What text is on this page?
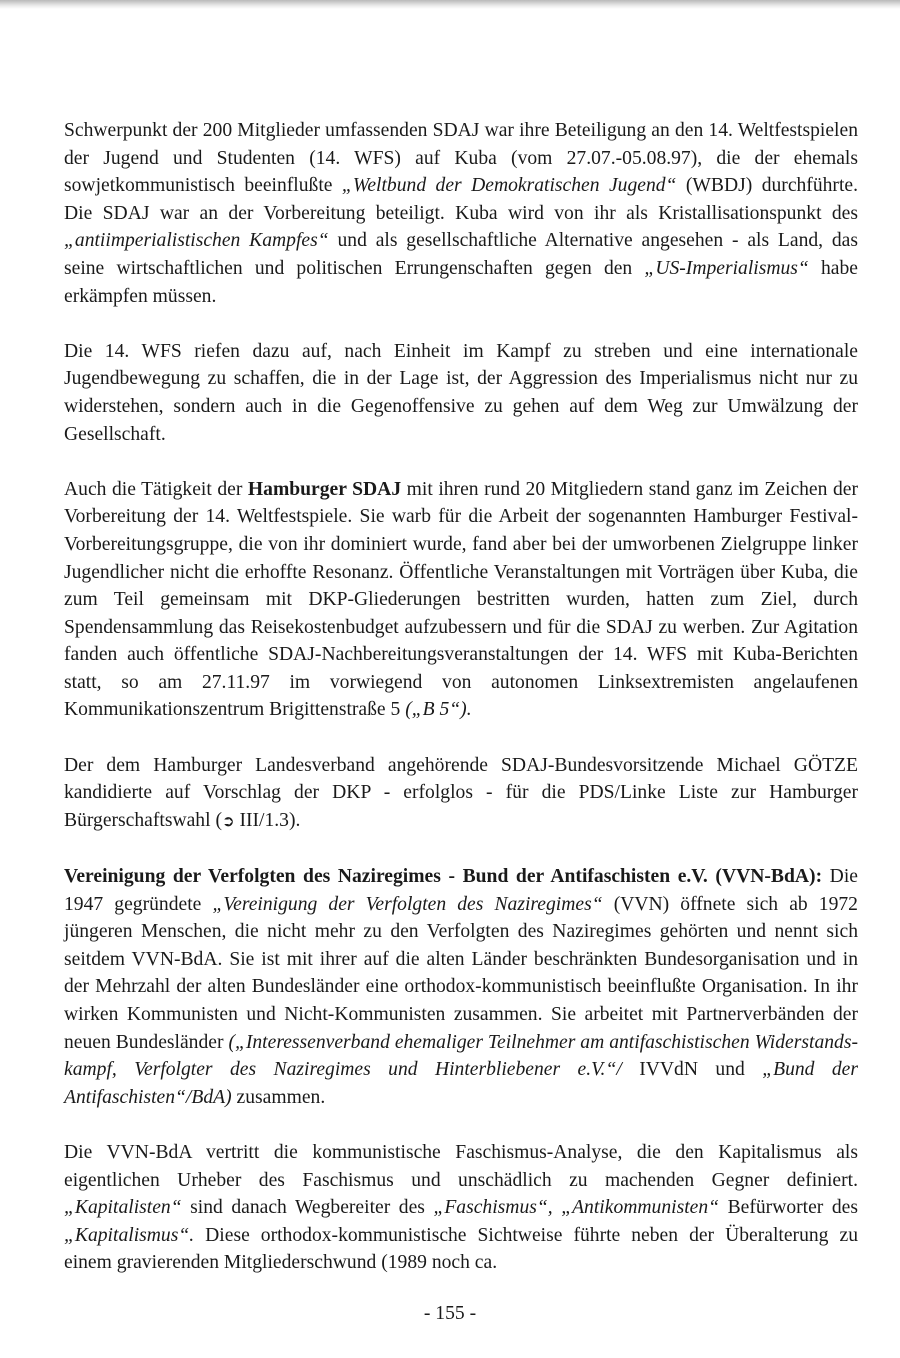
Schwerpunkt der 200 Mitglieder umfassenden SDAJ war ihre Beteiligung an den 14. Weltfestspielen der Jugend und Studenten (14. WFS) auf Kuba (vom 27.07.-05.08.97), die der ehemals sowjetkommunistisch beeinflußte „Weltbund der Demokratischen Jugend“ (WBDJ) durchführte. Die SDAJ war an der Vorbereitung beteiligt. Kuba wird von ihr als Kristallisationspunkt des „antiimperialistischen Kampfes“ und als gesellschaftliche Alternative angesehen - als Land, das seine wirtschaftlichen und politischen Errungenschaften gegen den „US-Imperialismus“ habe erkämpfen müssen.

Die 14. WFS riefen dazu auf, nach Einheit im Kampf zu streben und eine internationale Jugendbewegung zu schaffen, die in der Lage ist, der Aggression des Imperialismus nicht nur zu widerstehen, sondern auch in die Gegenoffensive zu gehen auf dem Weg zur Umwälzung der Gesellschaft.

Auch die Tätigkeit der Hamburger SDAJ mit ihren rund 20 Mitgliedern stand ganz im Zeichen der Vorbereitung der 14. Weltfestspiele. Sie warb für die Arbeit der sogenannten Hamburger Festival-Vorbereitungsgruppe, die von ihr dominiert wurde, fand aber bei der umworbenen Zielgruppe linker Jugendlicher nicht die erhoffte Resonanz. Öffentliche Veranstaltungen mit Vorträgen über Kuba, die zum Teil gemeinsam mit DKP-Gliederungen bestritten wurden, hatten zum Ziel, durch Spendensammlung das Reisekostenbudget aufzubessern und für die SDAJ zu werben. Zur Agitation fanden auch öffentliche SDAJ-Nachbereitungsveranstaltungen der 14. WFS mit Kuba-Berichten statt, so am 27.11.97 im vorwiegend von autonomen Linksextremisten angelaufenen Kommunikationszentrum Brigittenstraße 5 („B 5“).

Der dem Hamburger Landesverband angehörende SDAJ-Bundesvorsitzende Michael GÖTZE kandidierte auf Vorschlag der DKP - erfolglos - für die PDS/Linke Liste zur Hamburger Bürgerschaftswahl (➲ III/1.3).

Vereinigung der Verfolgten des Naziregimes - Bund der Antifaschisten e.V. (VVN-BdA): Die 1947 gegründete „Vereinigung der Verfolgten des Naziregimes“ (VVN) öffnete sich ab 1972 jüngeren Menschen, die nicht mehr zu den Verfolgten des Naziregimes gehörten und nennt sich seitdem VVN-BdA. Sie ist mit ihrer auf die alten Länder beschränkten Bundesorganisation und in der Mehrzahl der alten Bundesländer eine orthodox-kommunistisch beeinflußte Organisation. In ihr wirken Kommunisten und Nicht-Kommunisten zusammen. Sie arbeitet mit Partnerverbänden der neuen Bundesländer („Interessenverband ehemaliger Teilnehmer am antifaschistischen Widerstandskampf, Verfolgter des Naziregimes und Hinterbliebener e.V.“/ IVVdN und „Bund der Antifaschisten“/BdA) zusammen.

Die VVN-BdA vertritt die kommunistische Faschismus-Analyse, die den Kapitalismus als eigentlichen Urheber des Faschismus und unschädlich zu machenden Gegner definiert. „Kapitalisten“ sind danach Wegbereiter des „Faschismus“, „Antikommunisten“ Befürworter des „Kapitalismus“. Diese orthodox-kommunistische Sichtweise führte neben der Überalterung zu einem gravierenden Mitgliederschwund (1989 noch ca.

- 155 -
